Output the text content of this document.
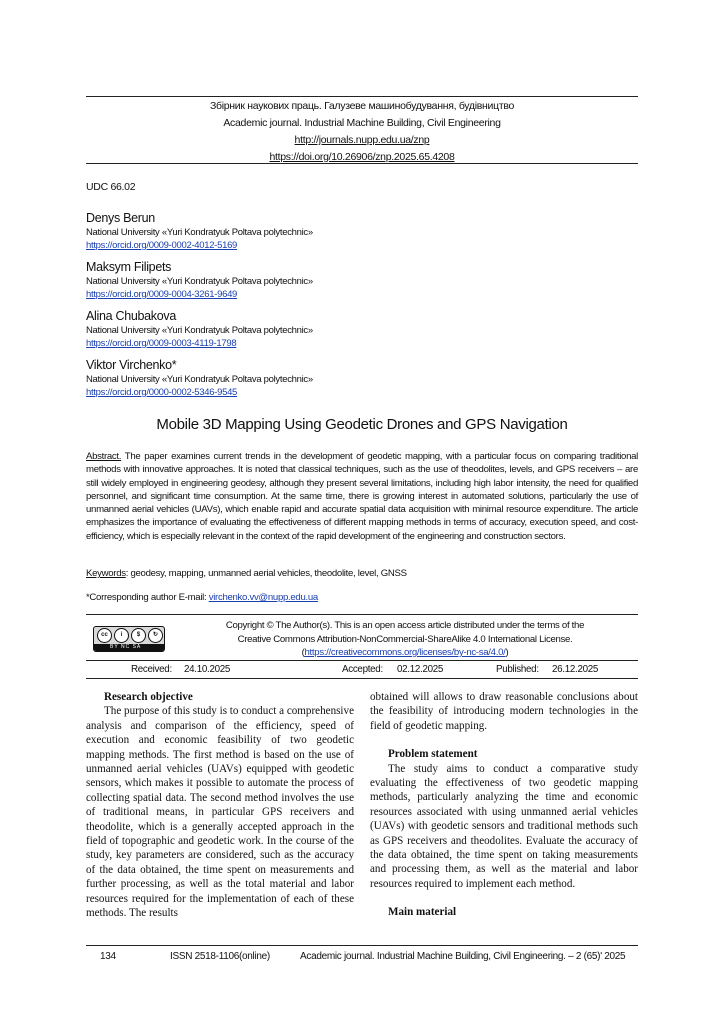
Збірник наукових праць. Галузеве машинобудування, будівництво
Academic journal. Industrial Machine Building, Civil Engineering
http://journals.nupp.edu.ua/znp
https://doi.org/10.26906/znp.2025.65.4208
UDC 66.02
Denys Berun
National University «Yuri Kondratyuk Poltava polytechnic»
https://orcid.org/0009-0002-4012-5169
Maksym Filipets
National University «Yuri Kondratyuk Poltava polytechnic»
https://orcid.org/0009-0004-3261-9649
Alina Chubakova
National University «Yuri Kondratyuk Poltava polytechnic»
https://orcid.org/0009-0003-4119-1798
Viktor Virchenko*
National University «Yuri Kondratyuk Poltava polytechnic»
https://orcid.org/0000-0002-5346-9545
Mobile 3D Mapping Using Geodetic Drones and GPS Navigation
Abstract. The paper examines current trends in the development of geodetic mapping, with a particular focus on comparing traditional methods with innovative approaches. It is noted that classical techniques, such as the use of theodolites, levels, and GPS receivers – are still widely employed in engineering geodesy, although they present several limitations, including high labor intensity, the need for qualified personnel, and significant time consumption. At the same time, there is growing interest in automated solutions, particularly the use of unmanned aerial vehicles (UAVs), which enable rapid and accurate spatial data acquisition with minimal resource expenditure. The article emphasizes the importance of evaluating the effectiveness of different mapping methods in terms of accuracy, execution speed, and cost-efficiency, which is especially relevant in the context of the rapid development of the engineering and construction sectors.
Keywords: geodesy, mapping, unmanned aerial vehicles, theodolite, level, GNSS
*Corresponding author E-mail: virchenko.vv@nupp.edu.ua
cc	i	$	↻
BY NC SA
Copyright © The Author(s). This is an open access article distributed under the terms of the
Creative Commons Attribution-NonCommercial-ShareAlike 4.0 International License.
(https://creativecommons.org/licenses/by-nc-sa/4.0/)
Received: 24.10.2025	Accepted: 02.12.2025	Published: 26.12.2025
Research objective

The purpose of this study is to conduct a comprehensive analysis and comparison of the efficiency, speed of execution and economic feasibility of two geodetic mapping methods. The first method is based on the use of unmanned aerial vehicles (UAVs) equipped with geodetic sensors, which makes it possible to automate the process of collecting spatial data. The second method involves the use of traditional means, in particular GPS receivers and theodolite, which is a generally accepted approach in the field of topographic and geodetic work. In the course of the study, key parameters are considered, such as the accuracy of the data obtained, the time spent on measurements and further processing, as well as the total material and labor resources required for the implementation of each of these methods. The results

obtained will allows to draw reasonable conclusions about the feasibility of introducing modern technologies in the field of geodetic mapping.

Problem statement

The study aims to conduct a comparative study evaluating the effectiveness of two geodetic mapping methods, particularly analyzing the time and economic resources associated with using unmanned aerial vehicles (UAVs) with geodetic sensors and traditional methods such as GPS receivers and theodolites. Evaluate the accuracy of the data obtained, the time spent on taking measurements and processing them, as well as the material and labor resources required to implement each method.

Main material
134	ISSN 2518-1106(online)	Academic journal. Industrial Machine Building, Civil Engineering. – 2 (65)' 2025
